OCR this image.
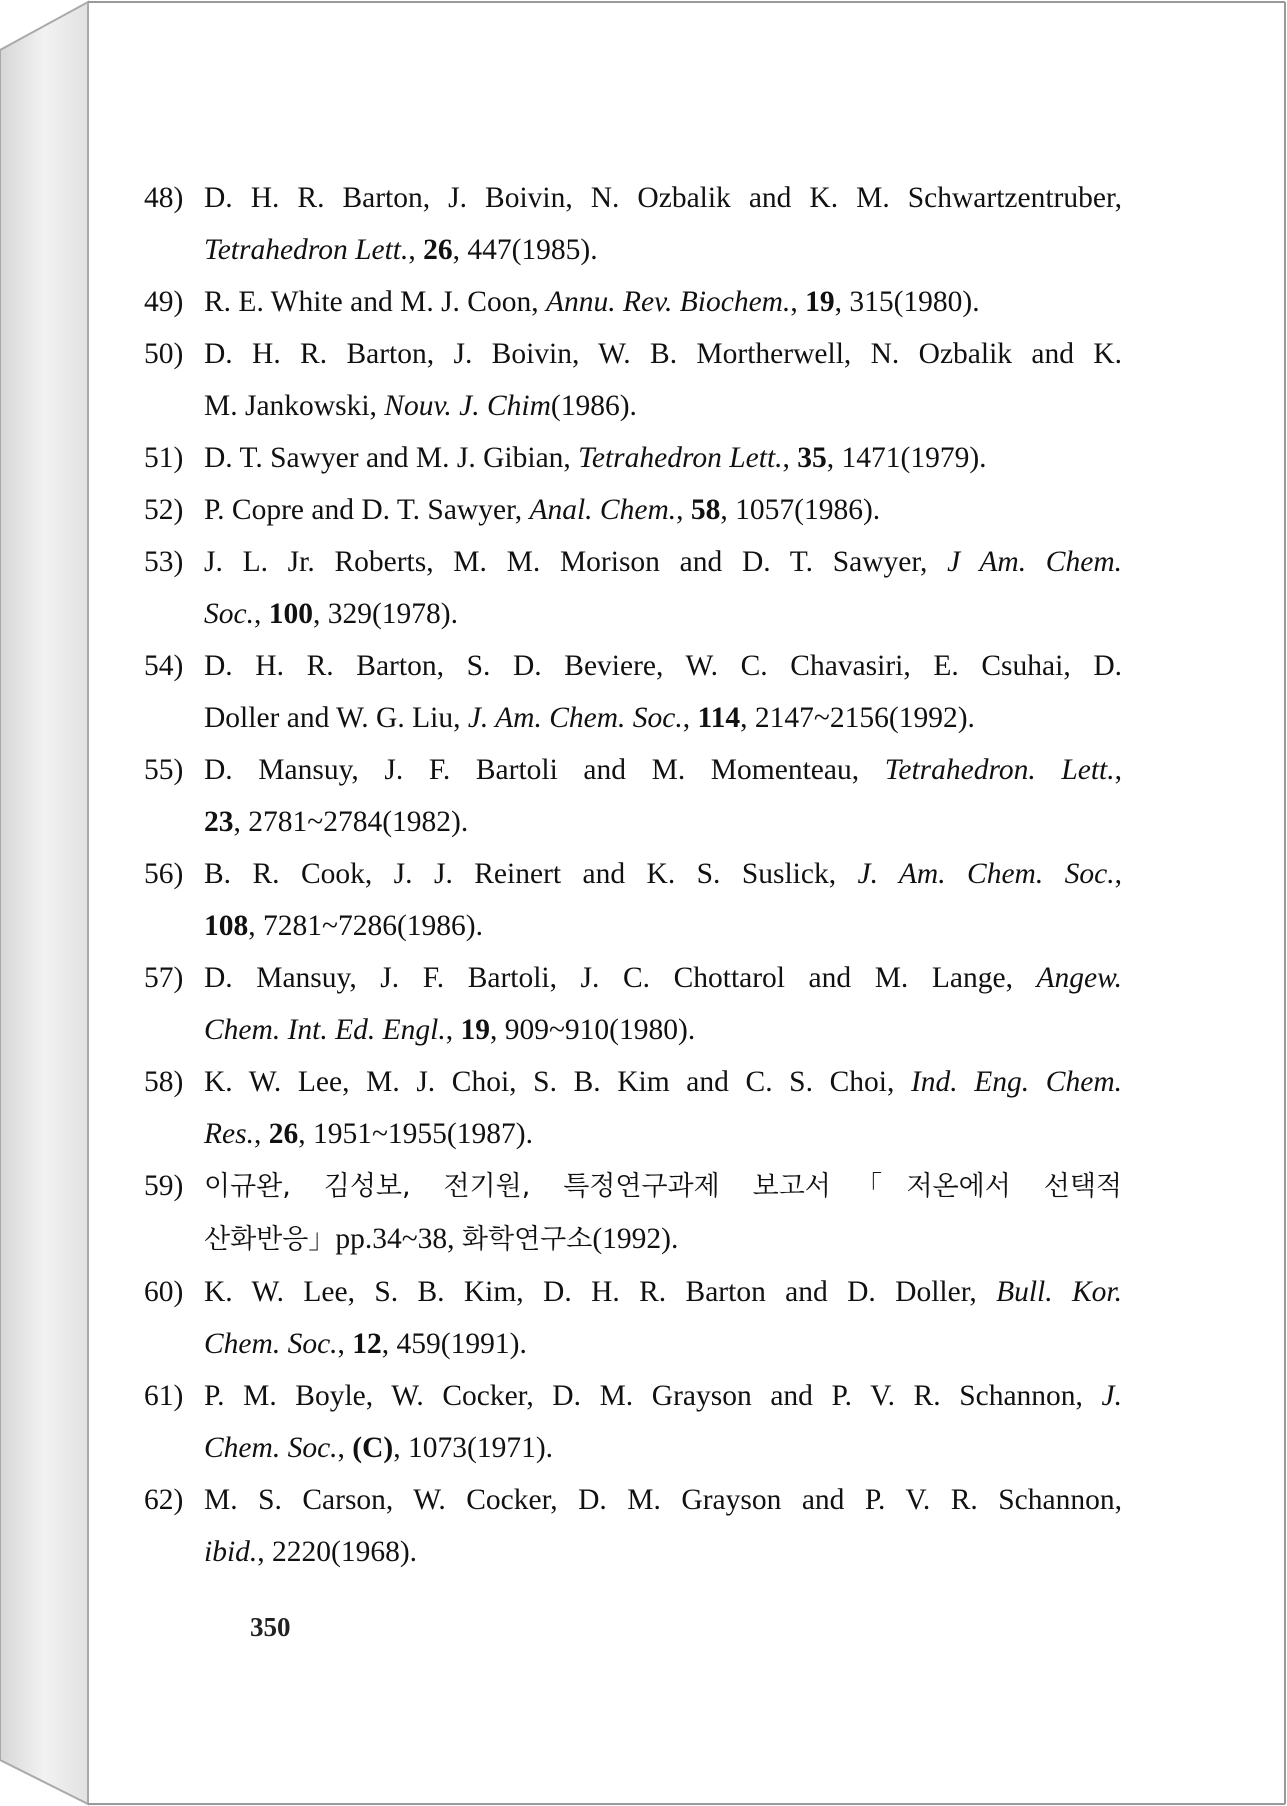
48) D. H. R. Barton, J. Boivin, N. Ozbalik and K. M. Schwartzentruber,
Tetrahedron Lett., 26, 447(1985).
49) R. E. White and M. J. Coon, Annu. Rev. Biochem., 19, 315(1980).
50) D. H. R. Barton, J. Boivin, W. B. Mortherwell, N. Ozbalik and K.
M. Jankowski, Nouv. J. Chim(1986).
51) D. T. Sawyer and M. J. Gibian, Tetrahedron Lett., 35, 1471(1979).
52) P. Copre and D. T. Sawyer, Anal. Chem., 58, 1057(1986).
53) J. L. Jr. Roberts, M. M. Morison and D. T. Sawyer, J Am. Chem.
Soc., 100, 329(1978).
54) D. H. R. Barton, S. D. Beviere, W. C. Chavasiri, E. Csuhai, D.
Doller and W. G. Liu, J. Am. Chem. Soc., 114, 2147~2156(1992).
55) D. Mansuy, J. F. Bartoli and M. Momenteau, Tetrahedron. Lett.,
23, 2781~2784(1982).
56) B. R. Cook, J. J. Reinert and K. S. Suslick, J. Am. Chem. Soc.,
108, 7281~7286(1986).
57) D. Mansuy, J. F. Bartoli, J. C. Chottarol and M. Lange, Angew.
Chem. Int. Ed. Engl., 19, 909~910(1980).
58) K. W. Lee, M. J. Choi, S. B. Kim and C. S. Choi, Ind. Eng. Chem.
Res., 26, 1951~1955(1987).
59) 이규완, 김성보, 전기원, 특정연구과제 보고서「저온에서 선택적
산화반응」pp.34~38, 화학연구소(1992).
60) K. W. Lee, S. B. Kim, D. H. R. Barton and D. Doller, Bull. Kor.
Chem. Soc., 12, 459(1991).
61) P. M. Boyle, W. Cocker, D. M. Grayson and P. V. R. Schannon, J.
Chem. Soc., (C), 1073(1971).
62) M. S. Carson, W. Cocker, D. M. Grayson and P. V. R. Schannon,
ibid., 2220(1968).
350
